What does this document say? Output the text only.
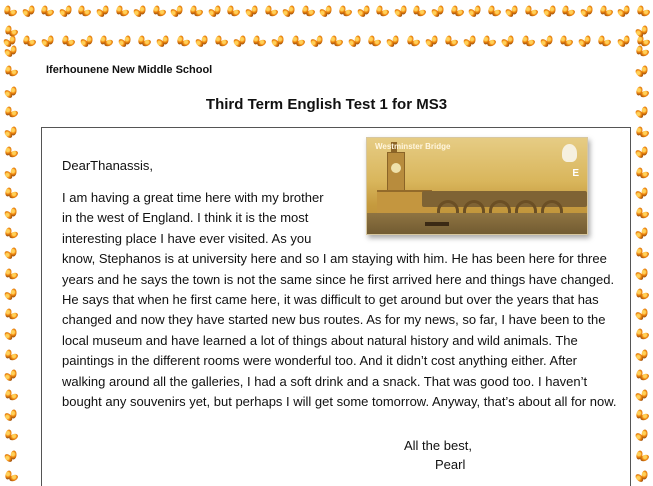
Iferhounene New Middle School
Third Term English Test 1 for MS3
DearThanassis,
Westminster Bridge
E
I am having a great time here with my brother in the west of England. I think it is the most interesting place I have ever visited. As you know, Stephanos is at university here and so I am staying with him. He has been here for three years and he says the town is not the same since he first arrived here and things have changed. He says that when he first came here, it was difficult to get around but over the years that has changed and now they have started new bus routes. As for my news, so far, I have been to the local museum and have learned a lot of things about natural history and wild animals. The paintings in the different rooms were wonderful too. And it didn’t cost anything either. After walking around all the galleries, I had a soft drink and a snack. That was good too. I haven’t bought any souvenirs yet, but perhaps I will get some tomorrow. Anyway, that’s about all for now.
All the best,
Pearl
